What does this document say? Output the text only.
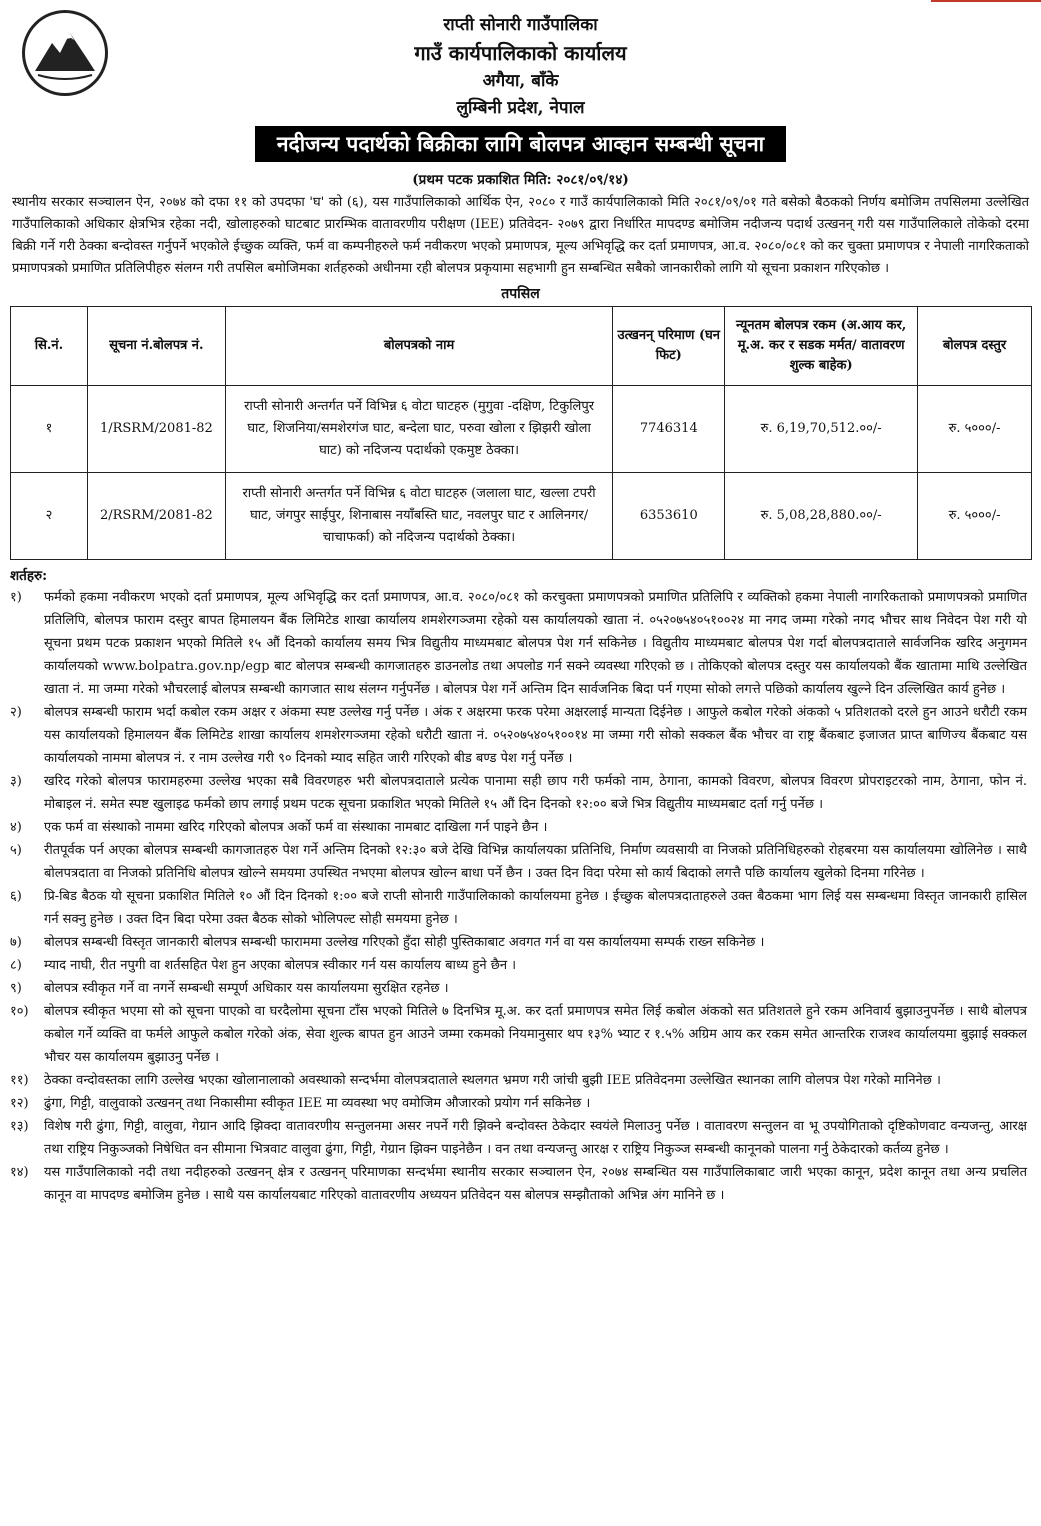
राप्ती सोनारी गाउँपालिका
गाउँ कार्यपालिकाको कार्यालय
अगैया, बाँके
लुम्बिनी प्रदेश, नेपाल
नदीजन्य पदार्थको बिक्रीका लागि बोलपत्र आव्हान सम्बन्धी सूचना
(प्रथम पटक प्रकाशित मिति: २०८१/०९/१४)
स्थानीय सरकार सञ्चालन ऐन, २०७४ को दफा ११ को उपदफा 'घ' को (६), यस गाउँपालिकाको आर्थिक ऐन, २०८० र गाउँ कार्यपालिकाको मिति २०८१/०९/०१ गते बसेको बैठकको निर्णय बमोजिम तपसिलमा उल्लेखित गाउँपालिकाको अधिकार क्षेत्रभित्र रहेका नदी, खोलाहरुको घाटबाट प्रारम्भिक वातावरणीय परीक्षण (IEE) प्रतिवेदन- २०७९ द्वारा निर्धारित मापदण्ड बमोजिम नदीजन्य पदार्थ उत्खनन् गरी यस गाउँपालिकाले तोकेको दरमा बिक्री गर्ने गरी ठेक्का बन्दोवस्त गर्नुपर्ने भएकोले ईच्छुक व्यक्ति, फर्म वा कम्पनीहरुले फर्म नवीकरण भएको प्रमाणपत्र, मूल्य अभिवृद्धि कर दर्ता प्रमाणपत्र, आ.व. २०८०/०८१ को कर चुक्ता प्रमाणपत्र र नेपाली नागरिकताको प्रमाणपत्रको प्रमाणित प्रतिलिपीहरु संलग्न गरी तपसिल बमोजिमका शर्तहरुको अधीनमा रही बोलपत्र प्रकृयामा सहभागी हुन सम्बन्धित सबैको जानकारीको लागि यो सूचना प्रकाशन गरिएकोछ ।
तपसिल
सि.नं.	सूचना नं.बोलपत्र नं.	बोलपत्रको नाम	उत्खनन् परिमाण (घन फिट)	न्यूनतम बोलपत्र रकम (अ.आय कर, मू.अ. कर र सडक मर्मत/ वातावरण शुल्क बाहेक)	बोलपत्र दस्तुर
१	1/RSRM/2081-82	राप्ती सोनारी अन्तर्गत पर्ने विभिन्न ६ वोटा घाटहरु (मुगुवा -दक्षिण, टिकुलिपुर घाट, शिजनिया/समशेरगंज घाट, बन्देला घाट, परुवा खोला र झिझरी खोला घाट) को नदिजन्य पदार्थको एकमुष्ट ठेक्का।	7746314	रु. 6,19,70,512.००/-	रु. ५०००/-
२	2/RSRM/2081-82	राप्ती सोनारी अन्तर्गत पर्ने विभिन्न ६ वोटा घाटहरु (जलाला घाट, खल्ला टपरी घाट, जंगपुर साईपुर, शिनाबास नयाँबस्ति घाट, नवलपुर घाट र आलिनगर/चाचाफर्का) को नदिजन्य पदार्थको ठेक्का।	6353610	रु. 5,08,28,880.००/-	रु. ५०००/-
शर्तहरु:
१)	फर्मको हकमा नवीकरण भएको दर्ता प्रमाणपत्र, मूल्य अभिवृद्धि कर दर्ता प्रमाणपत्र, आ.व. २०८०/०८१ को करचुक्ता प्रमाणपत्रको प्रमाणित प्रतिलिपि र व्यक्तिको हकमा नेपाली नागरिकताको प्रमाणपत्रको प्रमाणित प्रतिलिपि, बोलपत्र फाराम दस्तुर बापत हिमालयन बैंक लिमिटेड शाखा कार्यालय शमशेरगञ्जमा रहेको यस कार्यालयको खाता नं. ०५२०७५४०५१००२४ मा नगद जम्मा गरेको नगद भौचर साथ निवेदन पेश गरी यो सूचना प्रथम पटक प्रकाशन भएको मितिले १५ औं दिनको कार्यालय समय भित्र विद्युतीय माध्यमबाट बोलपत्र पेश गर्न सकिनेछ । विद्युतीय माध्यमबाट बोलपत्र पेश गर्दा बोलपत्रदाताले सार्वजनिक खरिद अनुगमन कार्यालयको www.bolpatra.gov.np/egp बाट बोलपत्र सम्बन्धी कागजातहरु डाउनलोड तथा अपलोड गर्न सक्ने व्यवस्था गरिएको छ । तोकिएको बोलपत्र दस्तुर यस कार्यालयको बैंक खातामा माथि उल्लेखित खाता नं. मा जम्मा गरेको भौचरलाई बोलपत्र सम्बन्धी कागजात साथ संलग्न गर्नुपर्नेछ । बोलपत्र पेश गर्ने अन्तिम दिन सार्वजनिक बिदा पर्न गएमा सोको लगत्ते पछिको कार्यालय खुल्ने दिन उल्लिखित कार्य हुनेछ ।
२)	बोलपत्र सम्बन्धी फाराम भर्दा कबोल रकम अक्षर र अंकमा स्पष्ट उल्लेख गर्नु पर्नेछ । अंक र अक्षरमा फरक परेमा अक्षरलाई मान्यता दिईनेछ । आफुले कबोल गरेको अंकको ५ प्रतिशतको दरले हुन आउने धरौटी रकम यस कार्यालयको हिमालयन बैंक लिमिटेड शाखा कार्यालय शमशेरगञ्जमा रहेको धरौटी खाता नं. ०५२०७५४०५१००१४ मा जम्मा गरी सोको सक्कल बैंक भौचर वा राष्ट्र बैंकबाट इजाजत प्राप्त बाणिज्य बैंकबाट यस कार्यालयको नाममा बोलपत्र नं. र नाम उल्लेख गरी ९० दिनको म्याद सहित जारी गरिएको बीड बण्ड पेश गर्नु पर्नेछ ।
३)	खरिद गरेको बोलपत्र फारामहरुमा उल्लेख भएका सबै विवरणहरु भरी बोलपत्रदाताले प्रत्येक पानामा सही छाप गरी फर्मको नाम, ठेगाना, कामको विवरण, बोलपत्र विवरण प्रोपराइटरको नाम, ठेगाना, फोन नं. मोबाइल नं. समेत स्पष्ट खुलाइढ फर्मको छाप लगाई प्रथम पटक सूचना प्रकाशित भएको मितिले १५ औं दिन दिनको १२:०० बजे भित्र विद्युतीय माध्यमबाट दर्ता गर्नु पर्नेछ ।
४)	एक फर्म वा संस्थाको नाममा खरिद गरिएको बोलपत्र अर्को फर्म वा संस्थाका नामबाट दाखिला गर्न पाइने छैन ।
५)	रीतपूर्वक पर्न अएका बोलपत्र सम्बन्धी कागजातहरु पेश गर्ने अन्तिम दिनको १२:३० बजे देखि विभिन्न कार्यालयका प्रतिनिधि, निर्माण व्यवसायी वा निजको प्रतिनिधिहरुको रोहबरमा यस कार्यालयमा खोलिनेछ । साथै बोलपत्रदाता वा निजको प्रतिनिधि बोलपत्र खोल्ने समयमा उपस्थित नभएमा बोलपत्र खोल्न बाधा पर्ने छैन । उक्त दिन विदा परेमा सो कार्य बिदाको लगत्तै पछि कार्यालय खुलेको दिनमा गरिनेछ ।
६)	प्रि-बिड बैठक यो सूचना प्रकाशित मितिले १० औं दिन दिनको १:०० बजे राप्ती सोनारी गाउँपालिकाको कार्यालयमा हुनेछ । ईच्छुक बोलपत्रदाताहरुले उक्त बैठकमा भाग लिई यस सम्बन्धमा विस्तृत जानकारी हासिल गर्न सक्नु हुनेछ । उक्त दिन बिदा परेमा उक्त बैठक सोको भोलिपल्ट सोही समयमा हुनेछ ।
७)	बोलपत्र सम्बन्धी विस्तृत जानकारी बोलपत्र सम्बन्धी फाराममा उल्लेख गरिएको हुँदा सोही पुस्तिकाबाट अवगत गर्न वा यस कार्यालयमा सम्पर्क राख्न सकिनेछ ।
८)	म्याद नाघी, रीत नपुगी वा शर्तसहित पेश हुन अएका बोलपत्र स्वीकार गर्न यस कार्यालय बाध्य हुने छैन ।
९)	बोलपत्र स्वीकृत गर्ने वा नगर्ने सम्बन्धी सम्पूर्ण अधिकार यस कार्यालयमा सुरक्षित रहनेछ ।
१०)	बोलपत्र स्वीकृत भएमा सो को सूचना पाएको वा घरदैलोमा सूचना टाँस भएको मितिले ७ दिनभित्र मू.अ. कर दर्ता प्रमाणपत्र समेत लिई कबोल अंकको सत प्रतिशतले हुने रकम अनिवार्य बुझाउनुपर्नेछ । साथै बोलपत्र कबोल गर्ने व्यक्ति वा फर्मले आफुले कबोल गरेको अंक, सेवा शुल्क बापत हुन आउने जम्मा रकमको नियमानुसार थप १३% भ्याट र १.५% अग्रिम आय कर रकम समेत आन्तरिक राजश्व कार्यालयमा बुझाई सक्कल भौचर यस कार्यालयम बुझाउनु पर्नेछ ।
११)	ठेक्का वन्दोवस्तका लागि उल्लेख भएका खोलानालाको अवस्थाको सन्दर्भमा वोलपत्रदाताले स्थलगत भ्रमण गरी जांची बुझी IEE प्रतिवेदनमा उल्लेखित स्थानका लागि वोलपत्र पेश गरेको मानिनेछ ।
१२)	ढुंगा, गिट्टी, वालुवाको उत्खनन् तथा निकासीमा स्वीकृत IEE मा व्यवस्था भए वमोजिम औजारको प्रयोग गर्न सकिनेछ ।
१३)	विशेष गरी ढुंगा, गिट्टी, वालुवा, गेग्रान आदि झिक्दा वातावरणीय सन्तुलनमा असर नपर्ने गरी झिक्ने बन्दोवस्त ठेकेदार स्वयंले मिलाउनु पर्नेछ । वातावरण सन्तुलन वा भू उपयोगिताको दृष्टिकोणवाट वन्यजन्तु, आरक्ष तथा राष्ट्रिय निकुञ्जको निषेधित वन सीमाना भित्रवाट वालुवा ढुंगा, गिट्टी, गेग्रान झिक्न पाइनेछैन । वन तथा वन्यजन्तु आरक्ष र राष्ट्रिय निकुञ्ज सम्बन्धी कानूनको पालना गर्नु ठेकेदारको कर्तव्य हुनेछ ।
१४)	यस गाउँपालिकाको नदी तथा नदीहरुको उत्खनन् क्षेत्र र उत्खनन् परिमाणका सन्दर्भमा स्थानीय सरकार सञ्चालन ऐन, २०७४ सम्बन्धित यस गाउँपालिकाबाट जारी भएका कानून, प्रदेश कानून तथा अन्य प्रचलित कानून वा मापदण्ड बमोजिम हुनेछ । साथै यस कार्यालयबाट गरिएको वातावरणीय अध्ययन प्रतिवेदन यस बोलपत्र सम्झौताको अभिन्न अंग मानिने छ ।
